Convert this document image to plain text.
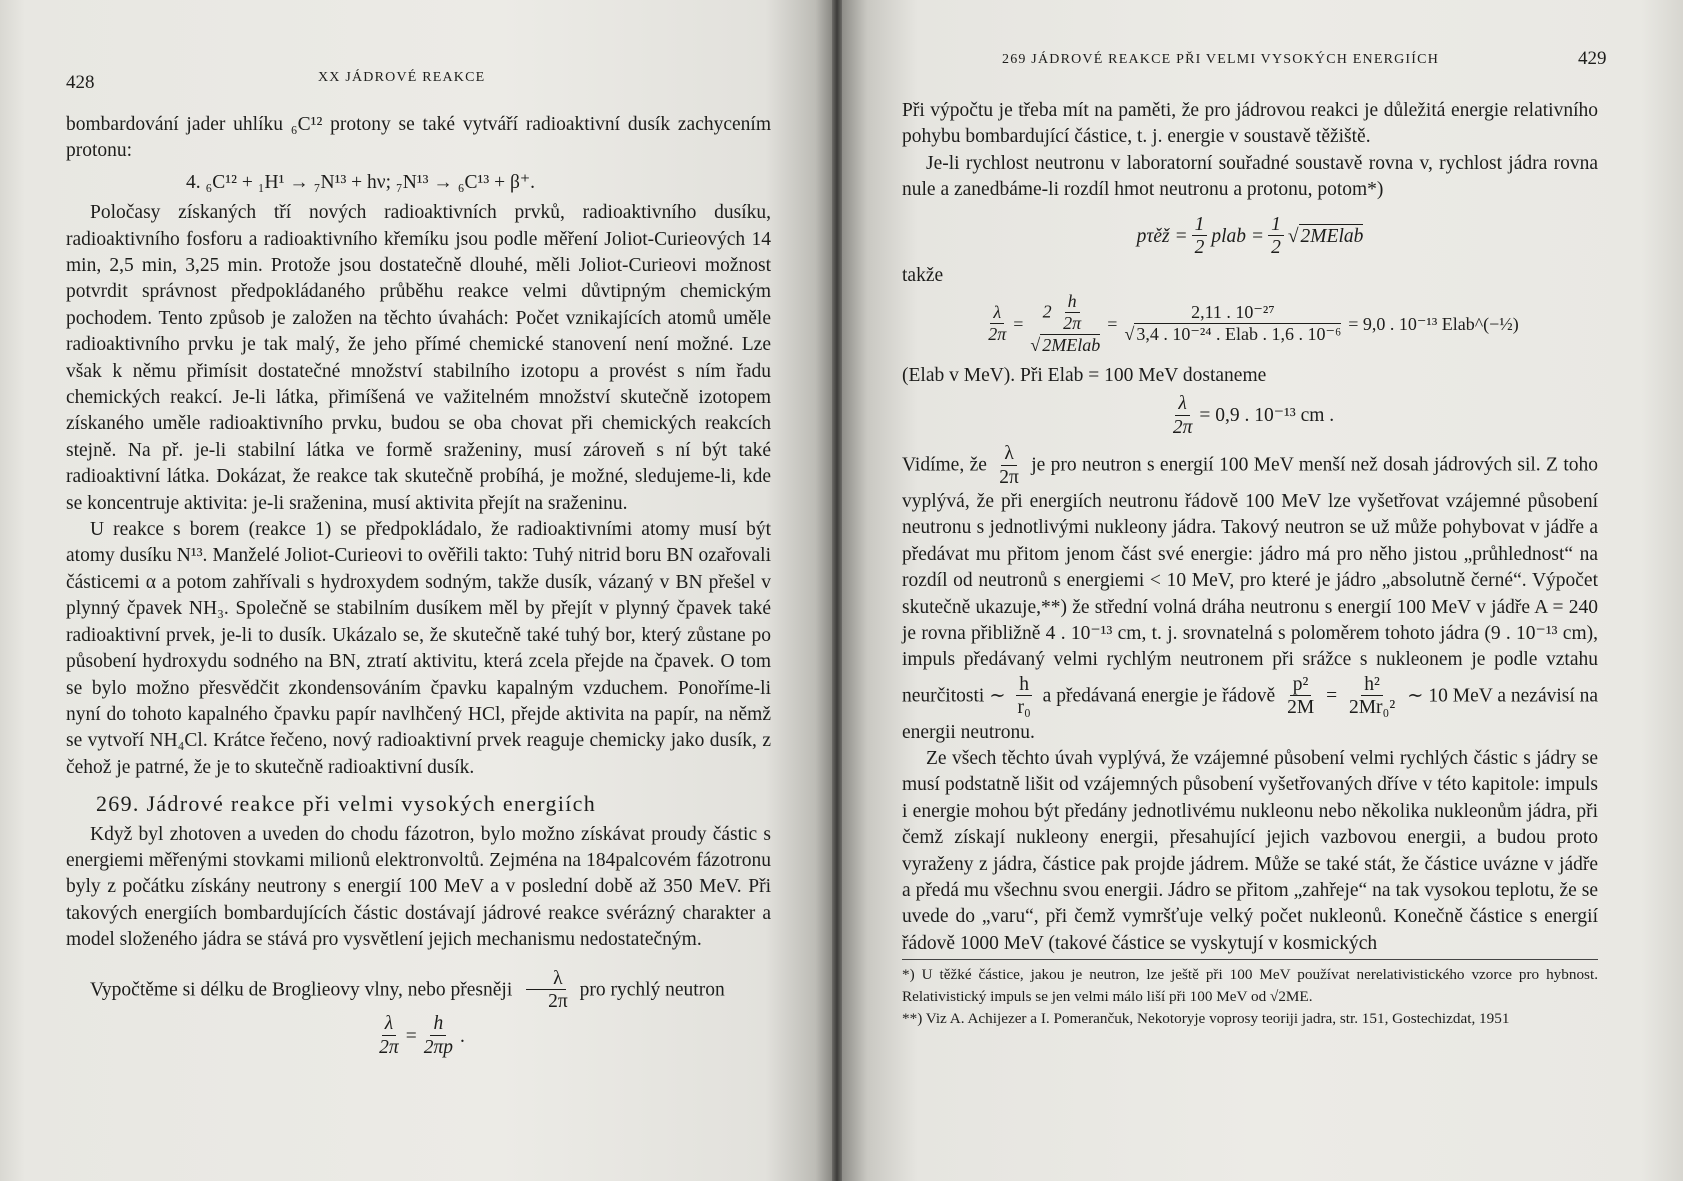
428	XX JÁDROVÉ REAKCE

bombardování jader uhlíku ₆C¹² protony se také vytváří radioaktivní dusík zachycením protonu:

4. ₆C¹² + ₁H¹ → ₇N¹³ + hν; ₇N¹³ → ₆C¹³ + β⁺.

Poločasy získaných tří nových radioaktivních prvků, radioaktivního dusíku, radioaktivního fosforu a radioaktivního křemíku jsou podle měření Joliot-Curieových 14 min, 2,5 min, 3,25 min. Protože jsou dostatečně dlouhé, měli Joliot-Curieovi možnost potvrdit správnost předpokládaného průběhu reakce velmi důvtipným chemickým pochodem. Tento způsob je založen na těchto úvahách: Počet vznikajících atomů uměle radioaktivního prvku je tak malý, že jeho přímé chemické stanovení není možné. Lze však k němu přimísit dostatečné množství stabilního izotopu a provést s ním řadu chemických reakcí. Je-li látka, přimíšená ve važitelném množství skutečně izotopem získaného uměle radioaktivního prvku, budou se oba chovat při chemických reakcích stejně. Na př. je-li stabilní látka ve formě sraženiny, musí zároveň s ní být také radioaktivní látka. Dokázat, že reakce tak skutečně probíhá, je možné, sledujeme-li, kde se koncentruje aktivita: je-li sraženina, musí aktivita přejít na sraženinu.

U reakce s borem (reakce 1) se předpokládalo, že radioaktivními atomy musí být atomy dusíku N¹³. Manželé Joliot-Curieovi to ověřili takto: Tuhý nitrid boru BN ozařovali částicemi α a potom zahřívali s hydroxydem sodným, takže dusík, vázaný v BN přešel v plynný čpavek NH₃. Společně se stabilním dusíkem měl by přejít v plynný čpavek také radioaktivní prvek, je-li to dusík. Ukázalo se, že skutečně také tuhý bor, který zůstane po působení hydroxydu sodného na BN, ztratí aktivitu, která zcela přejde na čpavek. O tom se bylo možno přesvědčit zkondensováním čpavku kapalným vzduchem. Ponoříme-li nyní do tohoto kapalného čpavku papír navlhčený HCl, přejde aktivita na papír, na němž se vytvoří NH₄Cl. Krátce řečeno, nový radioaktivní prvek reaguje chemicky jako dusík, z čehož je patrné, že je to skutečně radioaktivní dusík.

269. Jádrové reakce při velmi vysokých energiích

Když byl zhotoven a uveden do chodu fázotron, bylo možno získávat proudy částic s energiemi měřenými stovkami milionů elektronvoltů. Zejména na 184palcovém fázotronu byly z počátku získány neutrony s energií 100 MeV a v poslední době až 350 MeV. Při takových energiích bombardujících částic dostávají jádrové reakce svérázný charakter a model složeného jádra se stává pro vysvětlení jejich mechanismu nedostatečným.

Vypočtěme si délku de Broglieovy vlny, nebo přesněji $\frac{\lambda}{2\pi}$ pro rychlý neutron

$\frac{\lambda}{2\pi} = \frac{h}{2\pi p}$ .
269 JÁDROVÉ REAKCE PŘI VELMI VYSOKÝCH ENERGIÍCH	429

Při výpočtu je třeba mít na paměti, že pro jádrovou reakci je důležitá energie relativního pohybu bombardující částice, t. j. energie v soustavě těžiště.

Je-li rychlost neutronu v laboratorní souřadné soustavě rovna v, rychlost jádra rovna nule a zanedbáme-li rozdíl hmot neutronu a protonu, potom*)

pτěž = $\frac{1}{2}$ plab = $\frac{1}{2}$ √ 2MElab

takže

$\frac{\lambda}{2\pi} = \frac{2 \frac{h}{2\pi}}{\text{√ 2MElab}} = \frac{\text{2,11 . 10⁻²⁷}}{\text{√ 3,4 . 10⁻²⁴ . Elab . 1,6 . 10⁻⁶}} = 9,0$ . 10⁻¹³ Elab^(−½)

(Elab v MeV). Při Elab = 100 MeV dostaneme

$\frac{\lambda}{2\pi} = 0,9$ . 10⁻¹³ cm .

Vidíme, že $\frac{\lambda}{2\pi}$ je pro neutron s energií 100 MeV menší než dosah jádrových sil. Z toho vyplývá, že při energiích neutronu řádově 100 MeV lze vyšetřovat vzájemné působení neutronu s jednotlivými nukleony jádra. Takový neutron se už může pohybovat v jádře a předávat mu přitom jenom část své energie: jádro má pro něho jistou „průhlednost“ na rozdíl od neutronů s energiemi < 10 MeV, pro které je jádro „absolutně černé“. Výpočet skutečně ukazuje,**) že střední volná dráha neutronu s energií 100 MeV v jádře A = 240 je rovna přibližně 4 . 10⁻¹³ cm, t. j. srovnatelná s poloměrem tohoto jádra (9 . 10⁻¹³ cm), impuls předávaný velmi rychlým neutronem při srážce s nukleonem je podle vztahu neurčitosti ∼ $\frac{h}{\text{r₀}}$ a předávaná energie je řádově $\frac{\text{p²}}{2M} = \frac{\text{h²}}{\text{2Mr₀²}}$ ∼ 10 MeV a nezávisí na energii neutronu.

Ze všech těchto úvah vyplývá, že vzájemné působení velmi rychlých částic s jádry se musí podstatně lišit od vzájemných působení vyšetřovaných dříve v této kapitole: impuls i energie mohou být předány jednotlivému nukleonu nebo několika nukleonům jádra, při čemž získají nukleony energii, přesahující jejich vazbovou energii, a budou proto vyraženy z jádra, částice pak projde jádrem. Může se také stát, že částice uvázne v jádře a předá mu všechnu svou energii. Jádro se přitom „zahřeje“ na tak vysokou teplotu, že se uvede do „varu“, při čemž vymršťuje velký počet nukleonů. Konečně částice s energií řádově 1000 MeV (takové částice se vyskytují v kosmických

*) U těžké částice, jakou je neutron, lze ještě při 100 MeV používat nerelativistického vzorce pro hybnost. Relativistický impuls se jen velmi málo liší při 100 MeV od √2ME.
**) Viz A. Achijezer a I. Pomerančuk, Nekotoryje voprosy teoriji jadra, str. 151, Gostechizdat, 1951
